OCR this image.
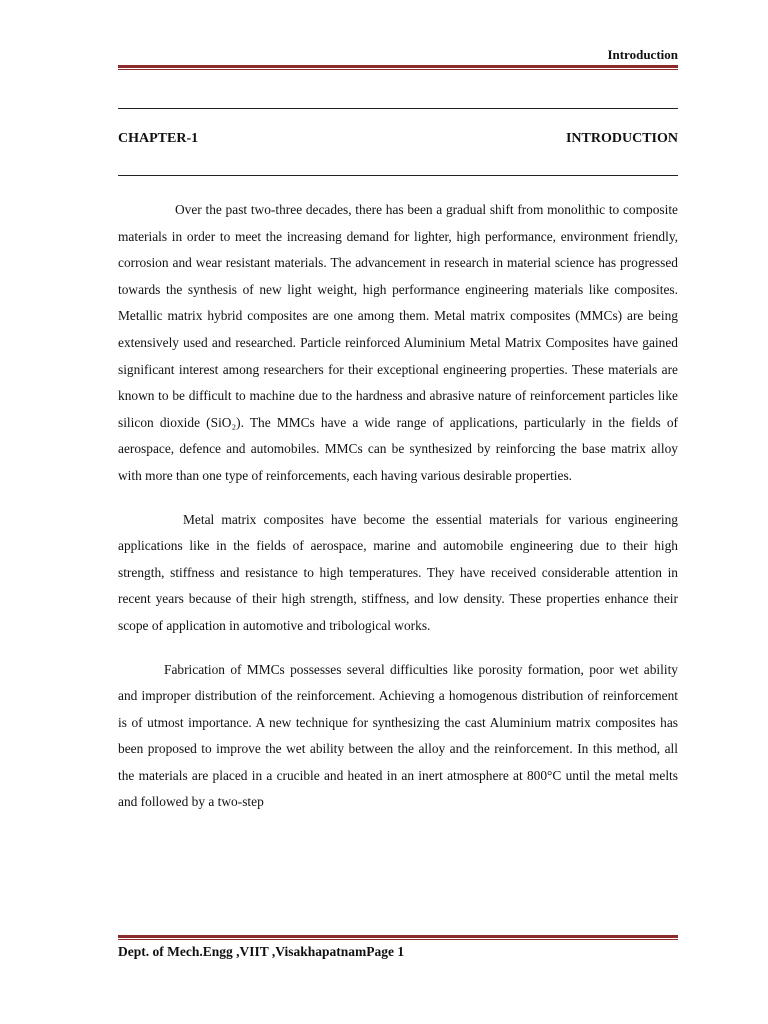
Introduction
CHAPTER-1	INTRODUCTION

Over the past two-three decades, there has been a gradual shift from monolithic to composite materials in order to meet the increasing demand for lighter, high performance, environment friendly, corrosion and wear resistant materials. The advancement in research in material science has progressed towards the synthesis of new light weight, high performance engineering materials like composites. Metallic matrix hybrid composites are one among them. Metal matrix composites (MMCs) are being extensively used and researched. Particle reinforced Aluminium Metal Matrix Composites have gained significant interest among researchers for their exceptional engineering properties. These materials are known to be difficult to machine due to the hardness and abrasive nature of reinforcement particles like silicon dioxide (SiO₂). The MMCs have a wide range of applications, particularly in the fields of aerospace, defence and automobiles. MMCs can be synthesized by reinforcing the base matrix alloy with more than one type of reinforcements, each having various desirable properties.

Metal matrix composites have become the essential materials for various engineering applications like in the fields of aerospace, marine and automobile engineering due to their high strength, stiffness and resistance to high temperatures. They have received considerable attention in recent years because of their high strength, stiffness, and low density. These properties enhance their scope of application in automotive and tribological works.

Fabrication of MMCs possesses several difficulties like porosity formation, poor wet ability and improper distribution of the reinforcement. Achieving a homogenous distribution of reinforcement is of utmost importance. A new technique for synthesizing the cast Aluminium matrix composites has been proposed to improve the wet ability between the alloy and the reinforcement. In this method, all the materials are placed in a crucible and heated in an inert atmosphere at 800°C until the metal melts and followed by a two-step

Dept. of Mech.Engg ,VIIT ,VisakhapatnamPage 1
